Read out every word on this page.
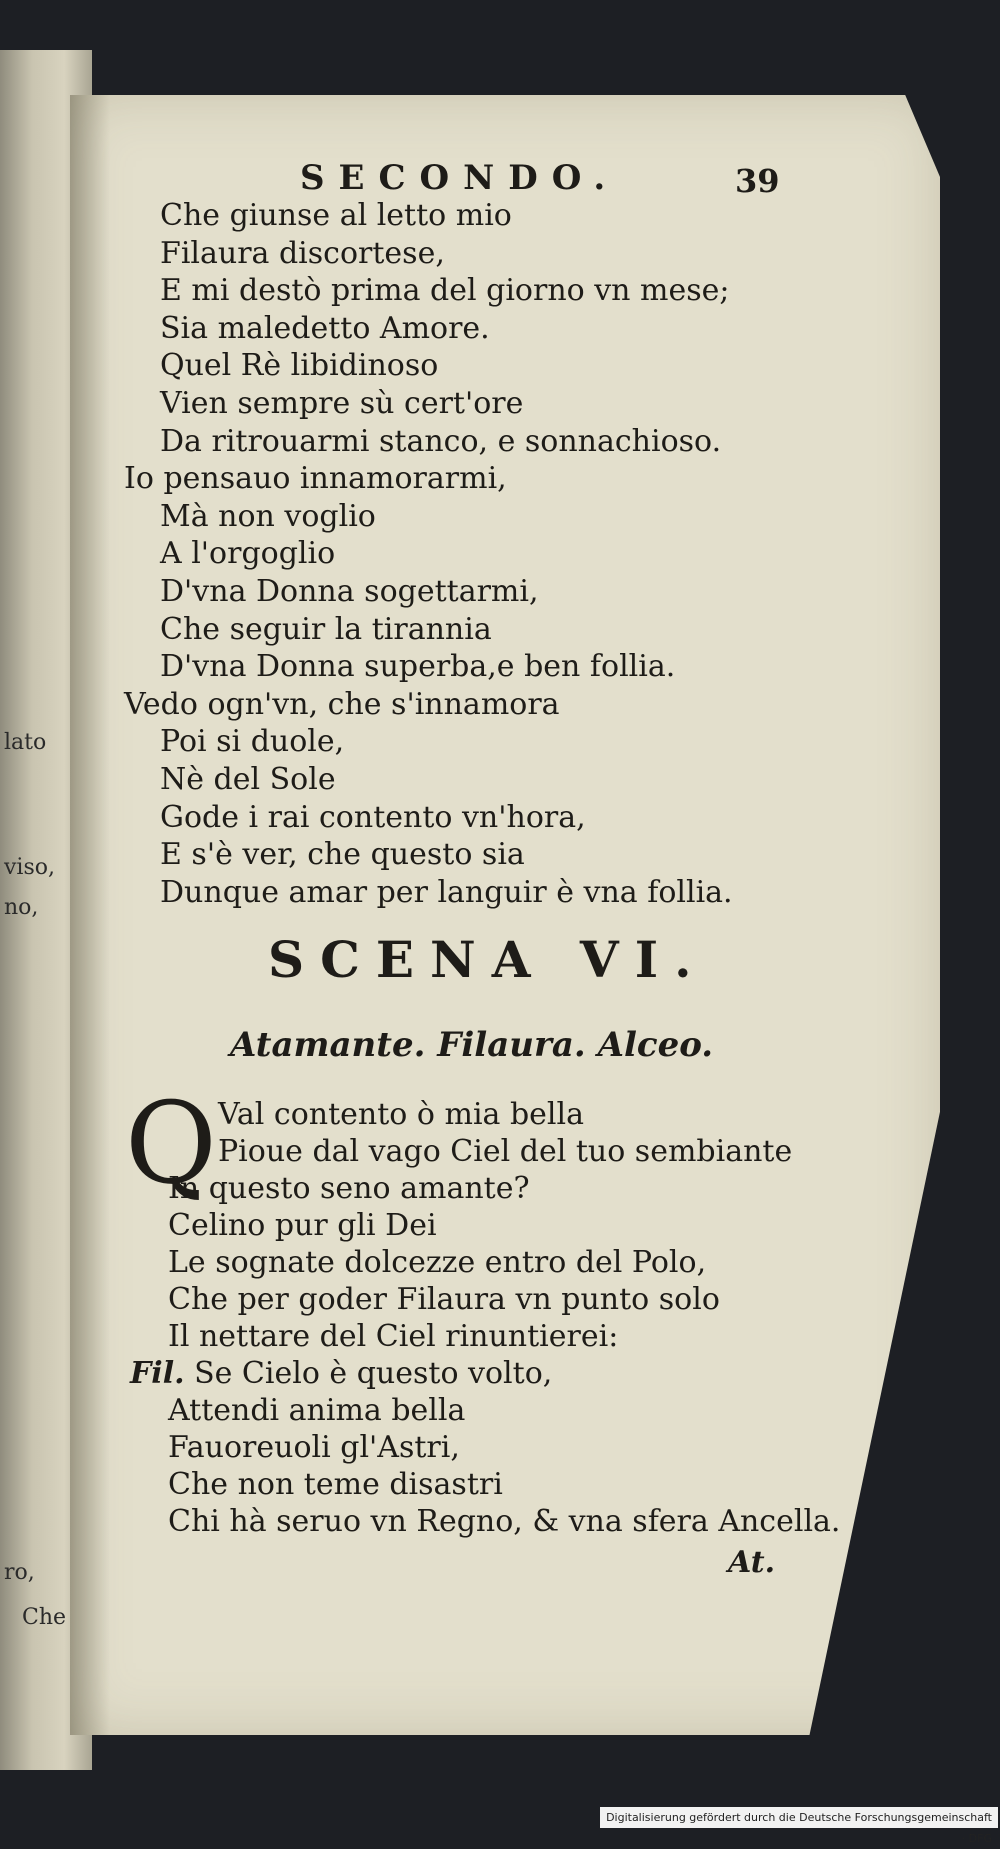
lato
viso,
no,
ro,
Che
SECONDO.	39
Che giunse al letto mio
Filaura discortese,
E mi destò prima del giorno vn mese;
Sia maledetto Amore.
Quel Rè libidinoso
Vien sempre sù cert'ore
Da ritrouarmi stanco, e sonnachioso.
Io pensauo innamorarmi,
Mà non voglio
A l'orgoglio
D'vna Donna sogettarmi,
Che seguir la tirannia
D'vna Donna superba,e ben follia.
Vedo ogn'vn, che s'innamora
Poi si duole,
Nè del Sole
Gode i rai contento vn'hora,
E s'è ver, che questo sia
Dunque amar per languir è vna follia.
SCENA VI.
Atamante. Filaura. Alceo.
Q Val contento ò mia bella
Pioue dal vago Ciel del tuo sembiante
In questo seno amante?
Celino pur gli Dei
Le sognate dolcezze entro del Polo,
Che per goder Filaura vn punto solo
Il nettare del Ciel rinuntierei:
Fil. Se Cielo è questo volto,
Attendi anima bella
Fauoreuoli gl'Astri,
Che non teme disastri
Chi hà seruo vn Regno, & vna sfera Ancella.
At.
Digitalisierung gefördert durch die Deutsche Forschungsgemeinschaft · DFG
